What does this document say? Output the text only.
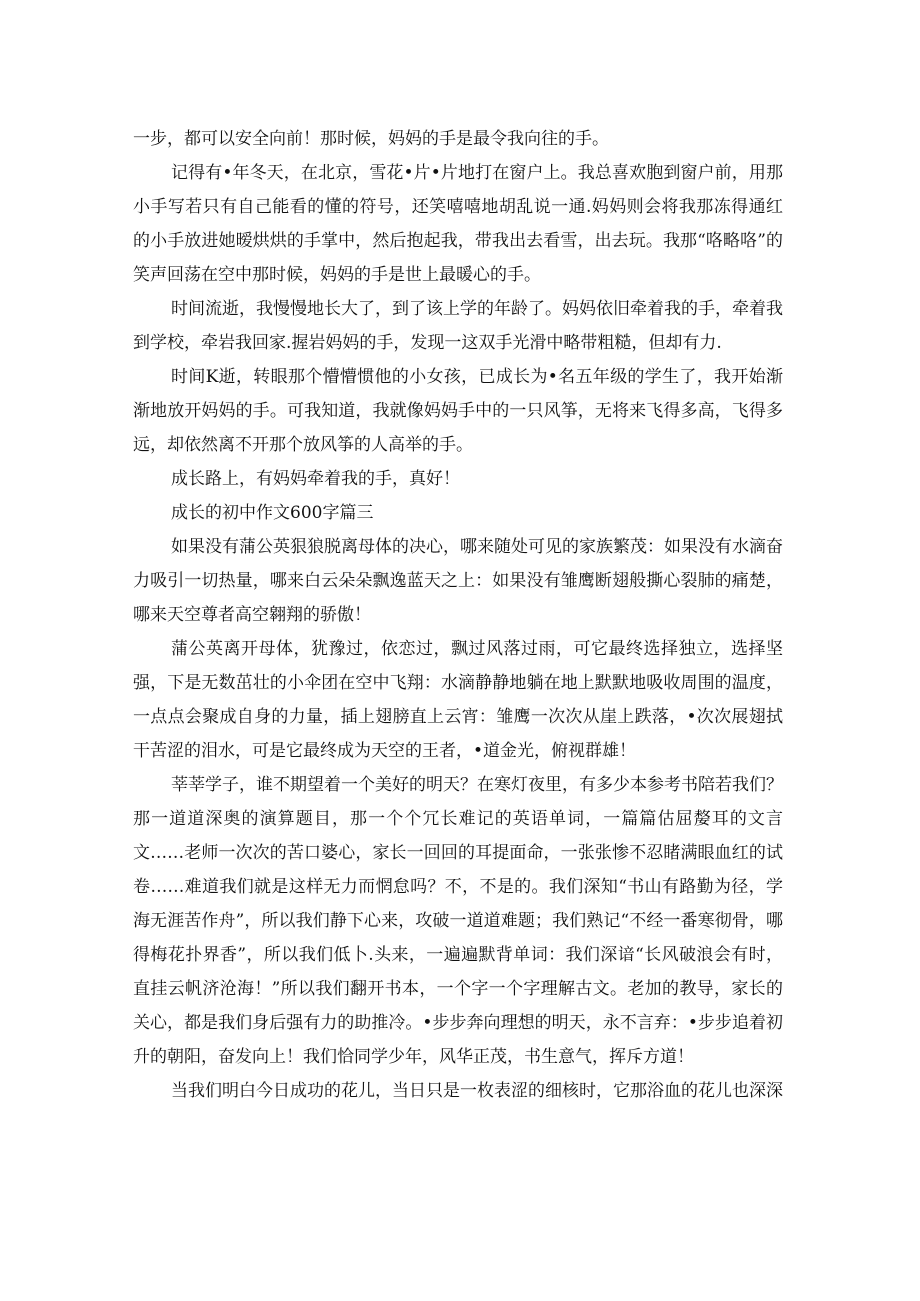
一步，都可以安全向前！那时候，妈妈的手是最令我向往的手。

记得有•年冬天，在北京，雪花•片•片地打在窗户上。我总喜欢胞到窗户前，用那小手写若只有自己能看的懂的符号，还笑嘻嘻地胡乱说一通.妈妈则会将我那冻得通红的小手放进她暧烘烘的手掌中，然后抱起我，带我出去看雪，出去玩。我那“咯略咯”的笑声回荡在空中那时候，妈妈的手是世上最暖心的手。

时间流逝，我慢慢地长大了，到了该上学的年龄了。妈妈依旧牵着我的手，牵着我到学校，牵岩我回家.握岩妈妈的手，发现一这双手光滑中略带粗糙，但却有力.

时间K逝，转眼那个懵懵惯他的小女孩，已成长为•名五年级的学生了，我开始渐渐地放开妈妈的手。可我知道，我就像妈妈手中的一只风筝，无将来飞得多高，飞得多远，却依然离不开那个放风筝的人高举的手。

成长路上，有妈妈牵着我的手，真好！

成长的初中作文600字篇三

如果没有蒲公英狠狼脱离母体的决心，哪来随处可见的家族繁茂：如果没有水滴奋力吸引一切热量，哪来白云朵朵飘逸蓝天之上：如果没有雏鹰断翅般撕心裂肺的痛楚，哪来天空尊者高空翱翔的骄傲！

蒲公英离开母体，犹豫过，依恋过，飘过风落过雨，可它最终选择独立，选择坚强，下是无数茁壮的小伞团在空中飞翔：水滴静静地躺在地上默默地吸收周围的温度，一点点会聚成自身的力量，插上翅膀直上云宵：雏鹰一次次从崖上跌落，•次次展翅拭干苦涩的泪水，可是它最终成为天空的王者，•道金光，俯视群雄！

莘莘学子，谁不期望着一个美好的明天？在寒灯夜里，有多少本参考书陪若我们？那一道道深奥的演算题目，那一个个冗长难记的英语单词，一篇篇估屈嫠耳的文言文……老师一次次的苦口婆心，家长一回回的耳提面命，一张张惨不忍睹满眼血红的试卷……难道我们就是这样无力而惘怠吗？不，不是的。我们深知“书山有路勤为径，学海无涯苦作舟”，所以我们静下心来，攻破一道道难题；我们熟记“不经一番寒彻骨，哪得梅花扑界香”，所以我们低卜.头来，一遍遍默背单词：我们深谙“长风破浪会有时，直挂云帆济沧海！”所以我们翻开书本，一个字一个字理解古文。老加的教导，家长的关心，都是我们身后强有力的助推冷。•步步奔向理想的明天，永不言弃：•步步追着初升的朝阳，奋发向上！我们恰同学少年，风华正茂，书生意气，挥斥方道！

当我们明白今日成功的花儿，当日只是一枚表涩的细核时，它那浴血的花儿也深深
